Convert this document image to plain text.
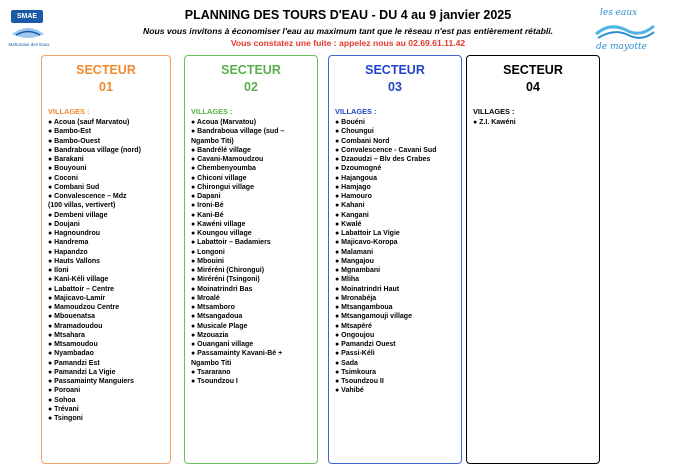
SMAE
Mahoraise des Eaux
les eaux
de mayotte
PLANNING DES TOURS D'EAU - DU 4 au 9 janvier 2025
Nous vous invitons à économiser l'eau au maximum tant que le réseau n'est pas entièrement rétabli.
Vous constatez une fuite : appelez nous au 02.69.61.11.42
SECTEUR
01
VILLAGES :
● Acoua (sauf Marvatou)
● Bambo-Est
● Bambo-Ouest
● Bandraboua village (nord)
● Barakani
● Bouyouni
● Coconi
● Combani Sud
● Convalescence – Mdz
(100 villas, vertivert)
● Dembeni village
● Doujani
● Hagnoundrou
● Handrema
● Hapandzo
● Hauts Vallons
● Iloni
● Kani-Kéli village
● Labattoir – Centre
● Majicavo-Lamir
● Mamoudzou Centre
● Mbouenatsa
● Mramadoudou
● Mtsahara
● Mtsamoudou
● Nyambadao
● Pamandzi Est
● Pamandzi La Vigie
● Passamainty Manguiers
● Poroani
● Sohoa
● Trévani
● Tsingoni
SECTEUR
02
VILLAGES :
● Acoua (Marvatou)
● Bandraboua village (sud –
Ngambo Titi)
● Bandrélé village
● Cavani-Mamoudzou
● Chembenyoumba
● Chiconi village
● Chirongui village
● Dapani
● Ironi-Bé
● Kani-Bé
● Kawéni village
● Koungou village
● Labattoir – Badamiers
● Longoni
● Mbouini
● Miréréni (Chirongui)
● Miréréni (Tsingoni)
● Moinatrindri Bas
● Mroalé
● Mtsamboro
● Mtsangadoua
● Musicale Plage
● Mzouazia
● Ouangani village
● Passamainty Kavani-Bé +
Ngambo Titi
● Tsararano
● Tsoundzou I
SECTEUR
03
VILLAGES :
● Bouéni
● Choungui
● Combani Nord
● Convalescence - Cavani Sud
● Dzaoudzi – Blv des Crabes
● Dzoumogné
● Hajangoua
● Hamjago
● Hamouro
● Kahani
● Kangani
● Kwalé
● Labattoir La Vigie
● Majicavo-Koropa
● Malamani
● Mangajou
● Mgnambani
● Mliha
● Moinatrindri Haut
● Mronabéja
● Mtsangamboua
● Mtsangamouji village
● Mtsapéré
● Ongoujou
● Pamandzi Ouest
● Passi-Kéli
● Sada
● Tsimkoura
● Tsoundzou II
● Vahibé
SECTEUR
04
VILLAGES :
● Z.I. Kawéni
